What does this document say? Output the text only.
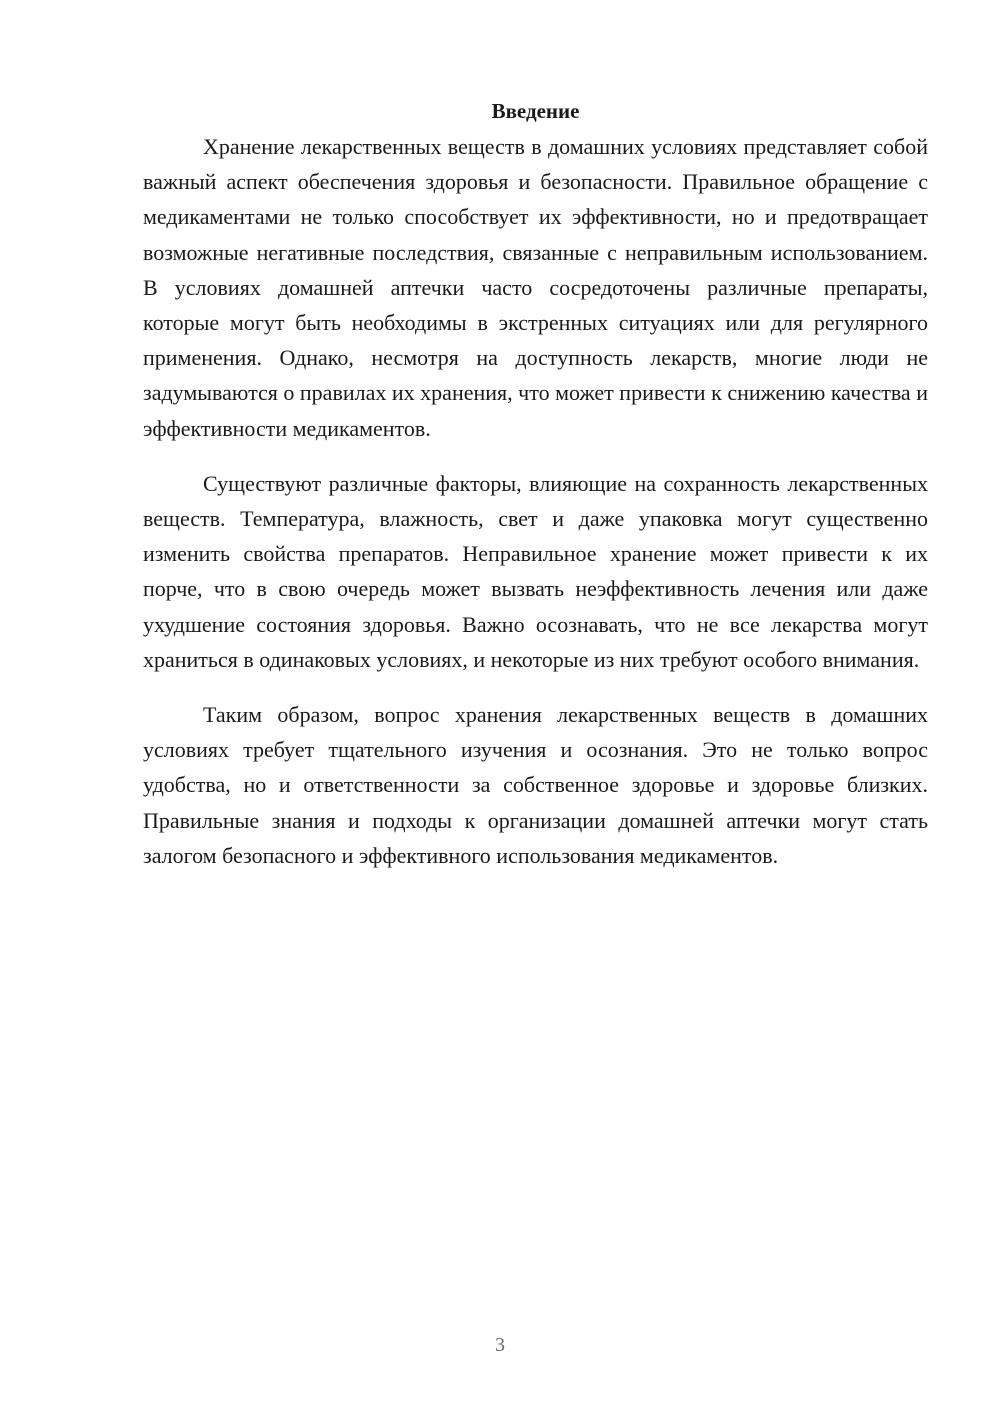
Введение

Хранение лекарственных веществ в домашних условиях представляет собой важный аспект обеспечения здоровья и безопасности. Правильное обращение с медикаментами не только способствует их эффективности, но и предотвращает возможные негативные последствия, связанные с неправильным использованием. В условиях домашней аптечки часто сосредоточены различные препараты, которые могут быть необходимы в экстренных ситуациях или для регулярного применения. Однако, несмотря на доступность лекарств, многие люди не задумываются о правилах их хранения, что может привести к снижению качества и эффективности медикаментов.

Существуют различные факторы, влияющие на сохранность лекарственных веществ. Температура, влажность, свет и даже упаковка могут существенно изменить свойства препаратов. Неправильное хранение может привести к их порче, что в свою очередь может вызвать неэффективность лечения или даже ухудшение состояния здоровья. Важно осознавать, что не все лекарства могут храниться в одинаковых условиях, и некоторые из них требуют особого внимания.

Таким образом, вопрос хранения лекарственных веществ в домашних условиях требует тщательного изучения и осознания. Это не только вопрос удобства, но и ответственности за собственное здоровье и здоровье близких. Правильные знания и подходы к организации домашней аптечки могут стать залогом безопасного и эффективного использования медикаментов.

3
